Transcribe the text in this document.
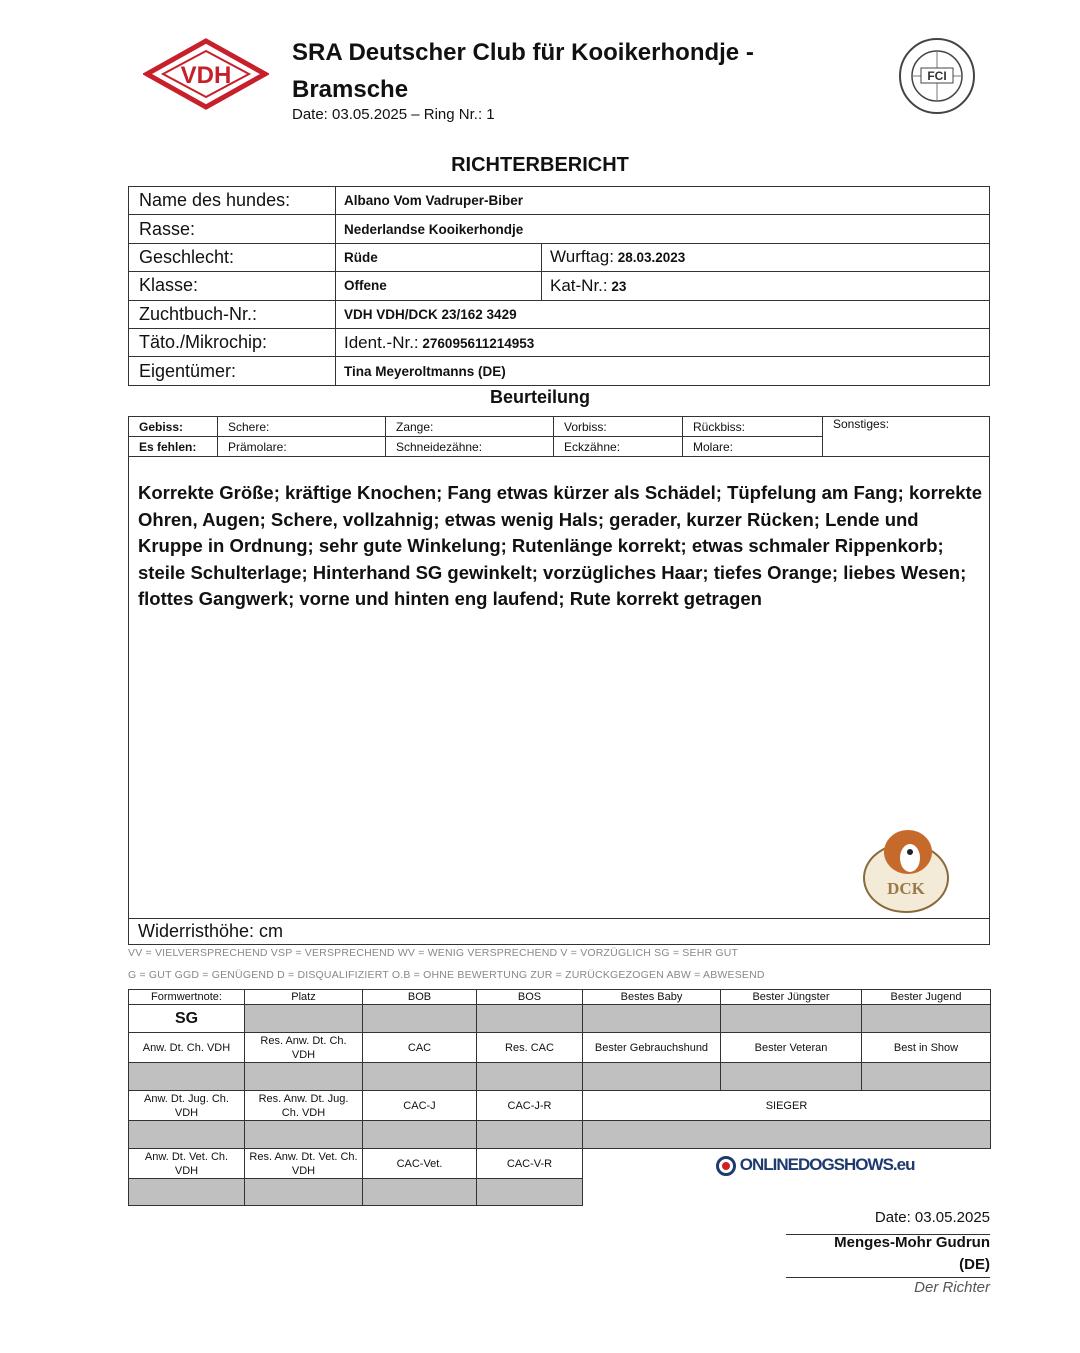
VDH
SRA Deutscher Club für Kooikerhondje - Bramsche
Date: 03.05.2025 – Ring Nr.: 1
FCI
RICHTERBERICHT
Name des hundes:	Albano Vom Vadruper-Biber	
Rasse:	Nederlandse Kooikerhondje	
Geschlecht:	Rüde	Wurftag: 28.03.2023
Klasse:	Offene	Kat-Nr.: 23
Zuchtbuch-Nr.:	VDH VDH/DCK 23/162 3429	
Täto./Mikrochip:	Ident.-Nr.: 276095611214953	
Eigentümer:	Tina Meyeroltmanns (DE)	
Beurteilung
Gebiss:	Schere:	Zange:	Vorbiss:	Rückbiss:	Sonstiges:
Es fehlen:	Prämolare:	Schneidezähne:	Eckzähne:	Molare:	
Korrekte Größe; kräftige Knochen; Fang etwas kürzer als Schädel; Tüpfelung am Fang; korrekte Ohren, Augen; Schere, vollzahnig; etwas wenig Hals; gerader, kurzer Rücken; Lende und Kruppe in Ordnung; sehr gute Winkelung; Rutenlänge korrekt; etwas schmaler Rippenkorb; steile Schulterlage; Hinterhand SG gewinkelt; vorzügliches Haar; tiefes Orange; liebes Wesen; flottes Gangwerk; vorne und hinten eng laufend; Rute korrekt getragen
DCK
Widerristhöhe: cm
VV = VIELVERSPRECHEND VSP = VERSPRECHEND WV = WENIG VERSPRECHEND V = VORZÜGLICH SG = SEHR GUT
G = GUT GGD = GENÜGEND D = DISQUALIFIZIERT O.B = OHNE BEWERTUNG ZUR = ZURÜCKGEZOGEN ABW = ABWESEND
Formwertnote:	Platz	BOB	BOS	Bestes Baby	Bester Jüngster	Bester Jugend
SG						
Anw. Dt. Ch. VDH	Res. Anw. Dt. Ch. VDH	CAC	Res. CAC	Bester Gebrauchshund	Bester Veteran	Best in Show

Anw. Dt. Jug. Ch. VDH	Res. Anw. Dt. Jug. Ch. VDH	CAC-J	CAC-J-R	SIEGER		

Anw. Dt. Vet. Ch. VDH	Res. Anw. Dt. Vet. Ch. VDH	CAC-Vet.	CAC-V-R			
				ONLINEDOGSHOWS.eu
Date: 03.05.2025
Menges-Mohr Gudrun
(DE)
Der Richter
